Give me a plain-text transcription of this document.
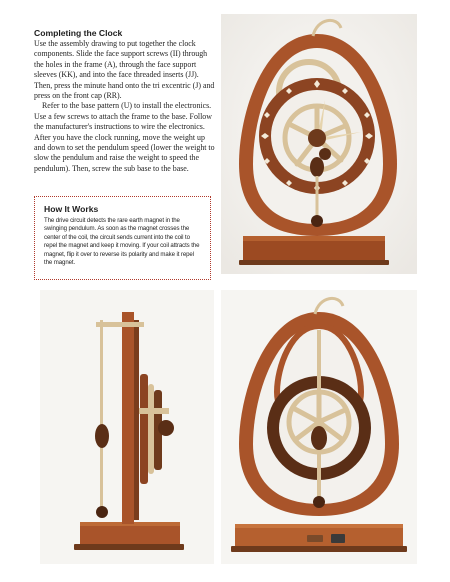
Completing the Clock

Use the assembly drawing to put together the clock components. Slide the face support screws (II) through the holes in the frame (A), through the face support sleeves (KK), and into the face threaded inserts (JJ). Then, press the minute hand onto the tri excentric (J) and press on the front cap (RR).

Refer to the base pattern (U) to install the electronics. Use a few screws to attach the frame to the base. Follow the manufacturer's instructions to wire the electronics. After you have the clock running, move the weight up and down to set the pendulum speed (lower the weight to slow the pendulum and raise the weight to speed the pendulum). Then, screw the sub base to the base.

How It Works
The drive circuit detects the rare earth magnet in the swinging pendulum. As soon as the magnet crosses the center of the coil, the circuit sends current into the coil to repel the magnet and keep it moving. If your coil attracts the magnet, flip it over to reverse its polarity and make it repel the magnet.
